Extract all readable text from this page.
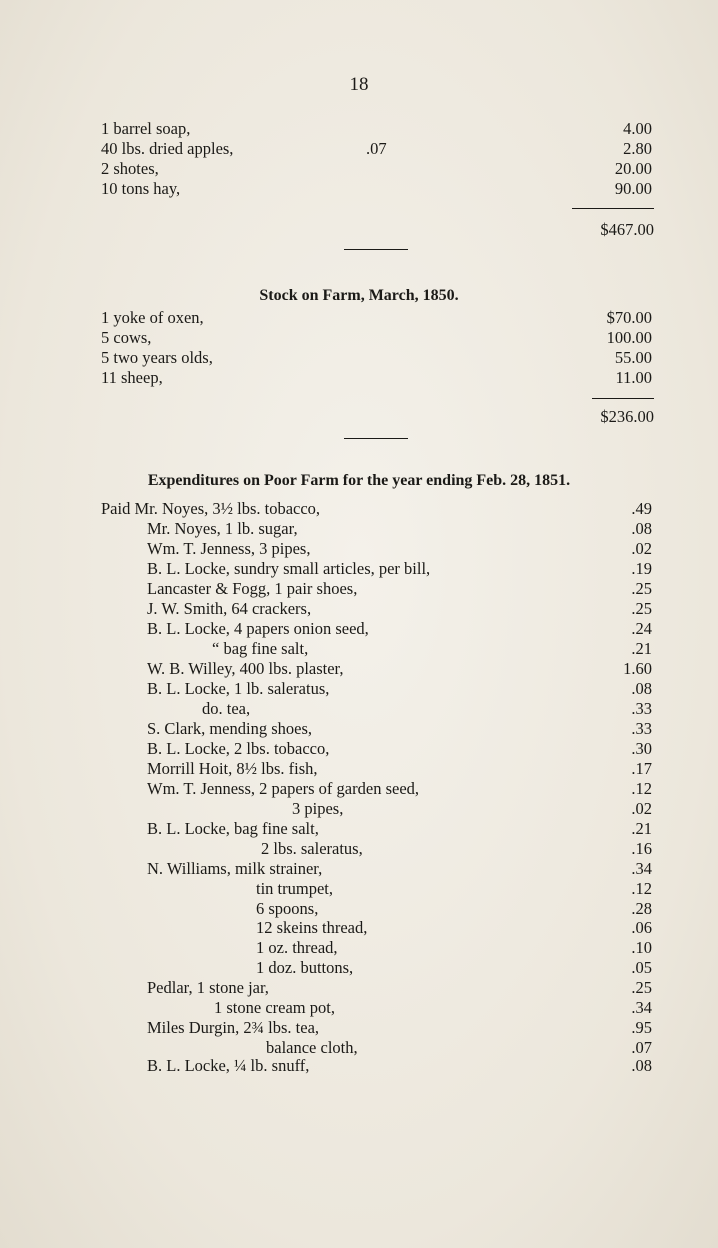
18
1 barrel soap,	4.00
40 lbs. dried apples,	.07	2.80
2 shotes,	20.00
10 tons hay,	90.00
$467.00
Stock on Farm, March, 1850.
1 yoke of oxen,	$70.00
5 cows,	100.00
5 two years olds,	55.00
11 sheep,	11.00
$236.00
Expenditures on Poor Farm for the year ending Feb. 28, 1851.
Paid Mr. Noyes, 3½ lbs. tobacco,	.49
Mr. Noyes, 1 lb. sugar,	.08
Wm. T. Jenness, 3 pipes,	.02
B. L. Locke, sundry small articles, per bill,	.19
Lancaster & Fogg, 1 pair shoes,	.25
J. W. Smith, 64 crackers,	.25
B. L. Locke, 4 papers onion seed,	.24
“ bag fine salt,	.21
W. B. Willey, 400 lbs. plaster,	1.60
B. L. Locke, 1 lb. saleratus,	.08
do. tea,	.33
S. Clark, mending shoes,	.33
B. L. Locke, 2 lbs. tobacco,	.30
Morrill Hoit, 8½ lbs. fish,	.17
Wm. T. Jenness, 2 papers of garden seed,	.12
3 pipes,	.02
B. L. Locke, bag fine salt,	.21
2 lbs. saleratus,	.16
N. Williams, milk strainer,	.34
tin trumpet,	.12
6 spoons,	.28
12 skeins thread,	.06
1 oz. thread,	.10
1 doz. buttons,	.05
Pedlar, 1 stone jar,	.25
1 stone cream pot,	.34
Miles Durgin, 2¾ lbs. tea,	.95
balance cloth,	.07
B. L. Locke, ¼ lb. snuff,	.08
